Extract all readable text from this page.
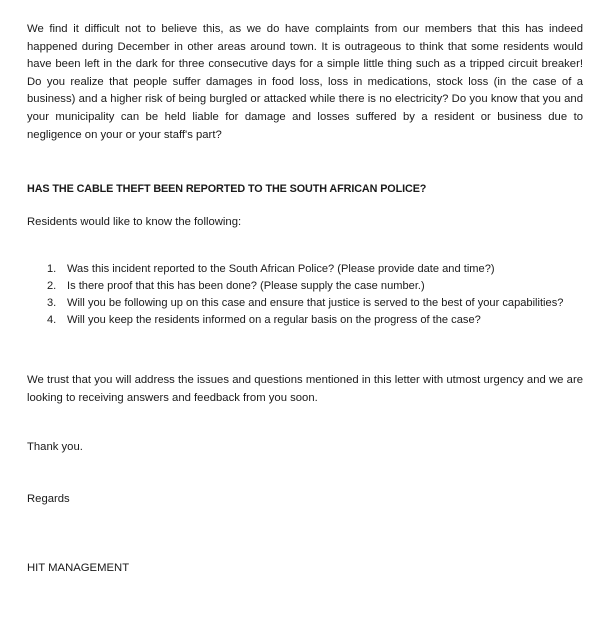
We find it difficult not to believe this, as we do have complaints from our members that this has indeed happened during December in other areas around town. It is outrageous to think that some residents would have been left in the dark for three consecutive days for a simple little thing such as a tripped circuit breaker! Do you realize that people suffer damages in food loss, loss in medications, stock loss (in the case of a business) and a higher risk of being burgled or attacked while there is no electricity? Do you know that you and your municipality can be held liable for damage and losses suffered by a resident or business due to negligence on your or your staff's part?

HAS THE CABLE THEFT BEEN REPORTED TO THE SOUTH AFRICAN POLICE?

Residents would like to know the following:

1. Was this incident reported to the South African Police? (Please provide date and time?)
2. Is there proof that this has been done? (Please supply the case number.)
3. Will you be following up on this case and ensure that justice is served to the best of your capabilities?
4. Will you keep the residents informed on a regular basis on the progress of the case?

We trust that you will address the issues and questions mentioned in this letter with utmost urgency and we are looking to receiving answers and feedback from you soon.

Thank you.

Regards

HIT MANAGEMENT
